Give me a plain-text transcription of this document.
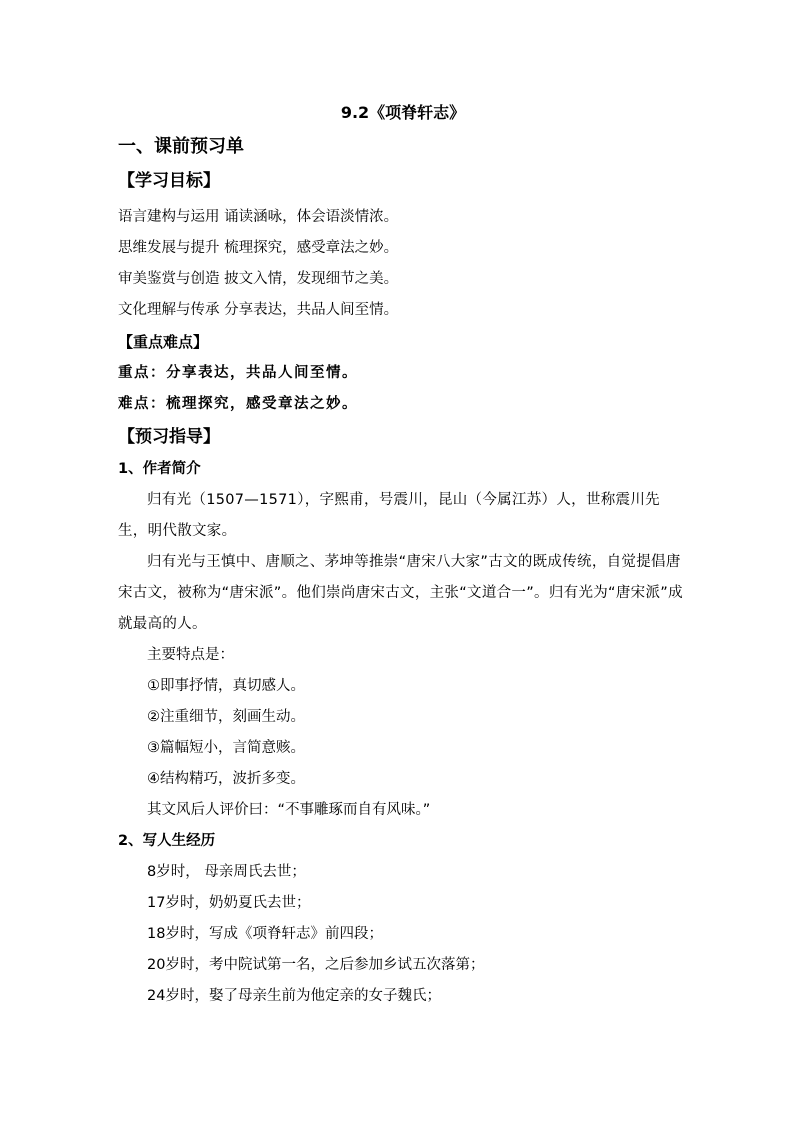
9.2《项脊轩志》
一、课前预习单
【学习目标】
语言建构与运用 诵读涵咏，体会语淡情浓。
思维发展与提升 梳理探究，感受章法之妙。
审美鉴赏与创造 披文入情，发现细节之美。
文化理解与传承 分享表达，共品人间至情。
【重点难点】
重点：分享表达，共品人间至情。
难点：梳理探究，感受章法之妙。
【预习指导】
1、作者简介

归有光（1507—1571），字熙甫，号震川，昆山（今属江苏）人，世称震川先生，明代散文家。

归有光与王慎中、唐顺之、茅坤等推崇“唐宋八大家”古文的既成传统，自觉提倡唐宋古文，被称为“唐宋派”。他们崇尚唐宋古文，主张“文道合一”。归有光为“唐宋派”成就最高的人。

主要特点是：
①即事抒情，真切感人。
②注重细节，刻画生动。
③篇幅短小，言简意赅。
④结构精巧，波折多变。
其文风后人评价曰：“不事雕琢而自有风味。”
2、写人生经历
8岁时， 母亲周氏去世；
17岁时，奶奶夏氏去世；
18岁时，写成《项脊轩志》前四段；
20岁时，考中院试第一名，之后参加乡试五次落第；
24岁时，娶了母亲生前为他定亲的女子魏氏；
